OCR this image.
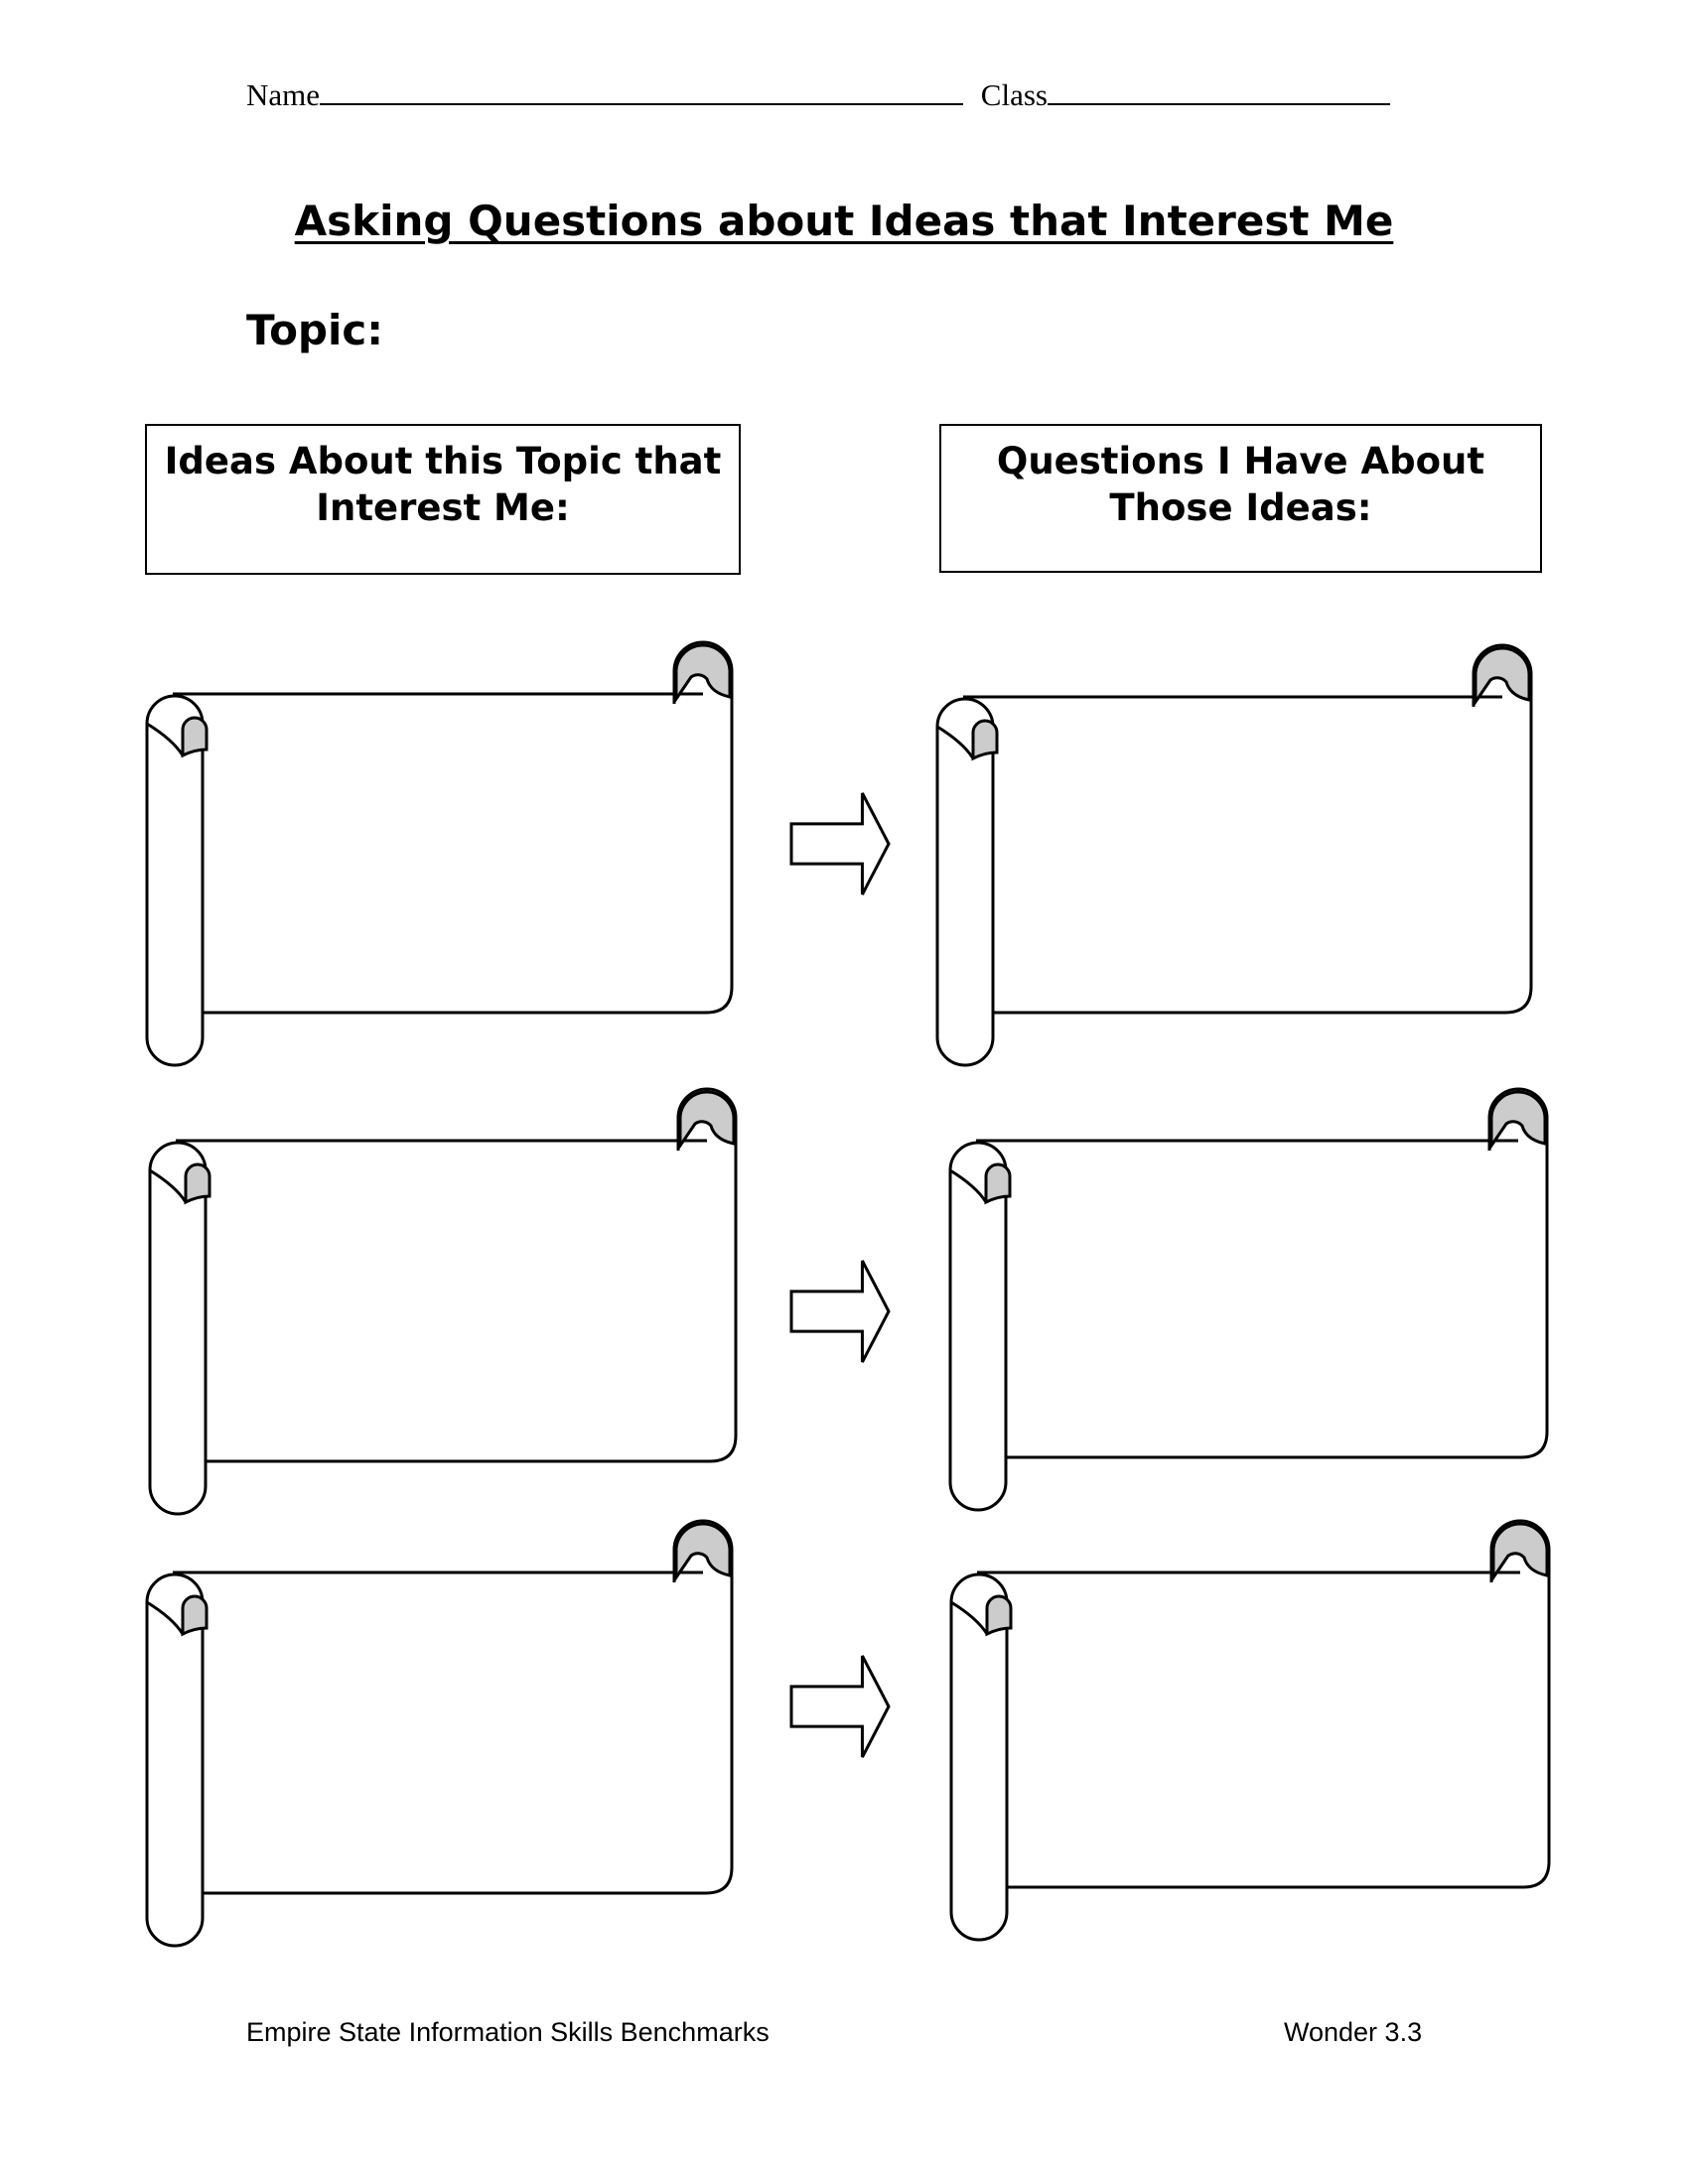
Name	Class
Asking Questions about Ideas that Interest Me
Topic:
Ideas About this Topic that
Interest Me:
Questions I Have About
Those Ideas:
Empire State Information Skills Benchmarks	Wonder 3.3
